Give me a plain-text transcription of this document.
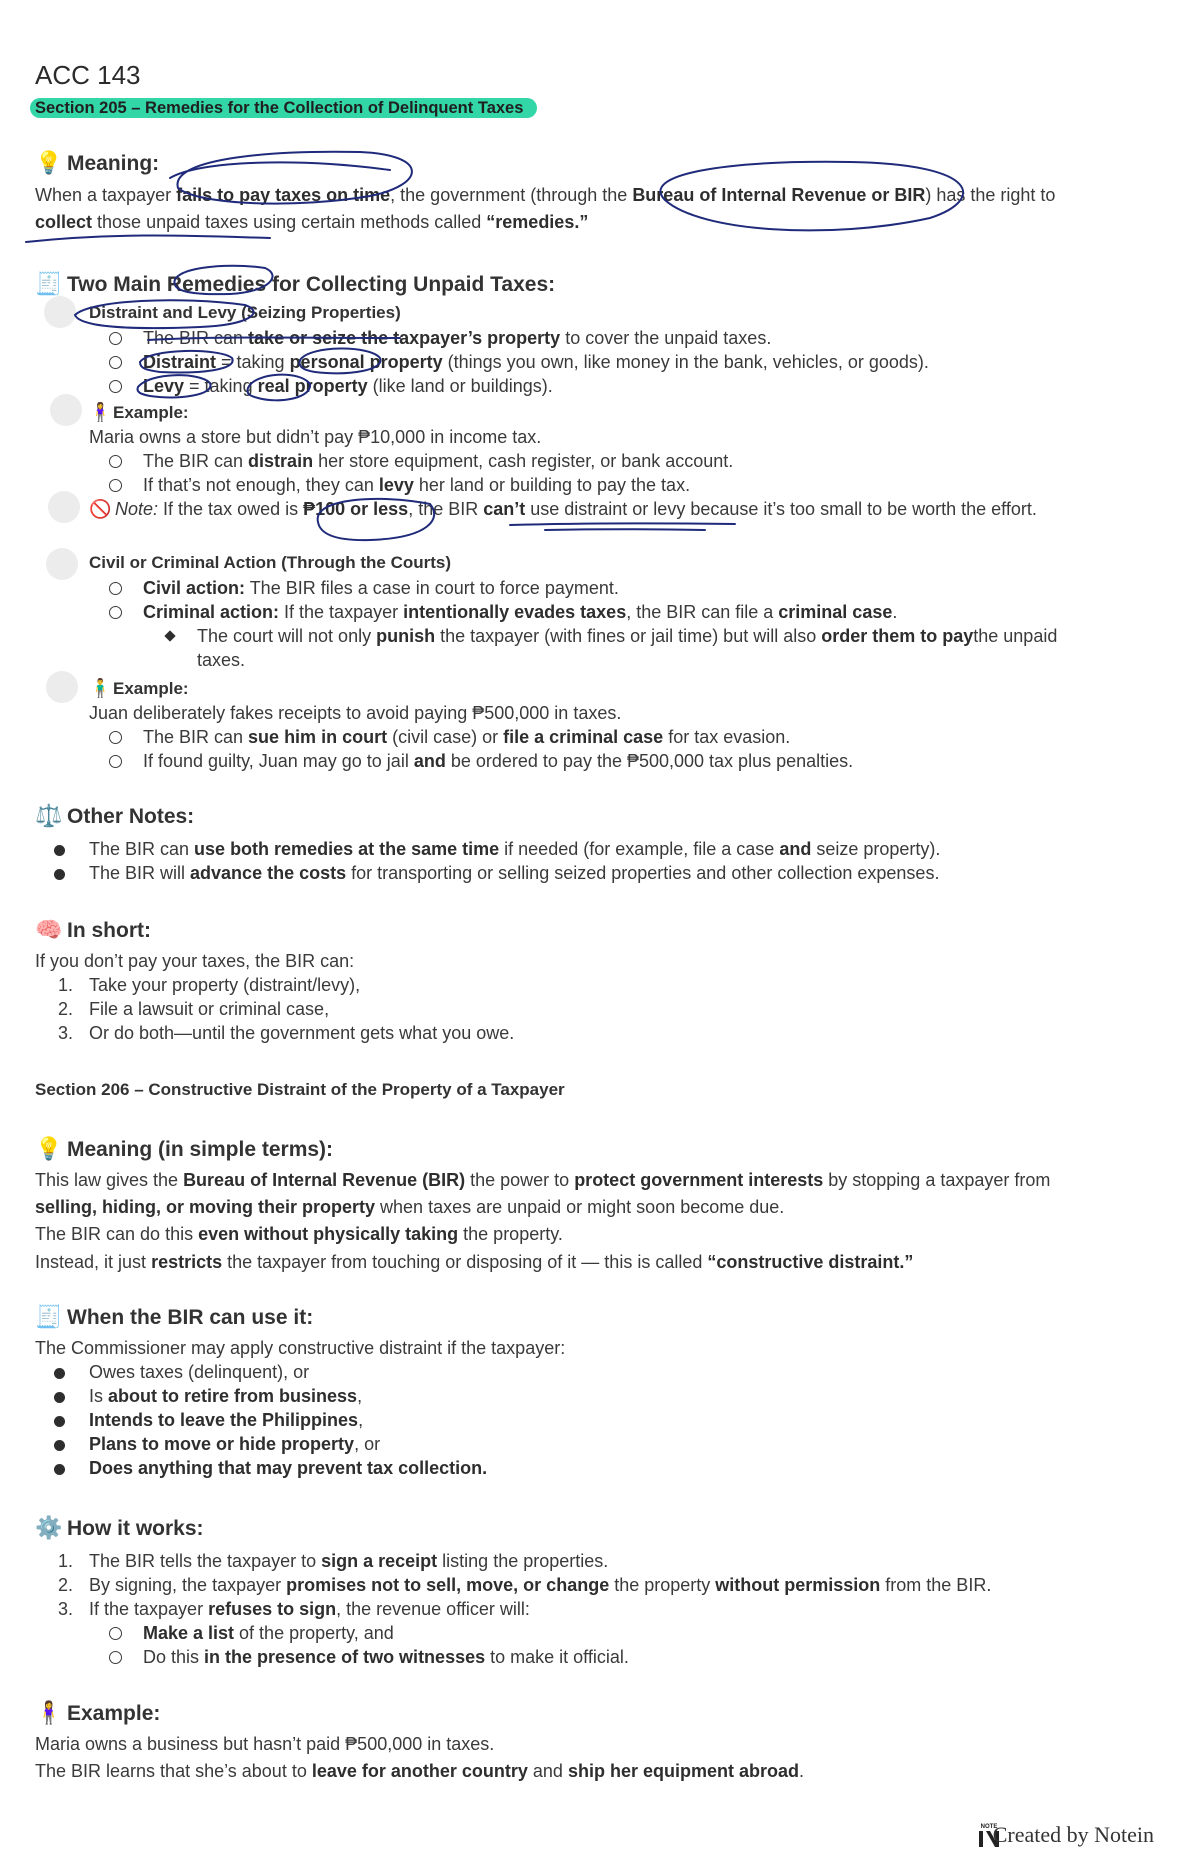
ACC 143
Section 205 – Remedies for the Collection of Delinquent Taxes
💡 Meaning:
When a taxpayer fails to pay taxes on time, the government (through the Bureau of Internal Revenue or BIR) has the right to
collect those unpaid taxes using certain methods called “remedies.”
🧾 Two Main Remedies for Collecting Unpaid Taxes:
Distraint and Levy (Seizing Properties)
The BIR can take or seize the taxpayer’s property to cover the unpaid taxes.
Distraint = taking personal property (things you own, like money in the bank, vehicles, or goods).
Levy = taking real property (like land or buildings).
🧍‍♀️Example:
Maria owns a store but didn’t pay ₱10,000 in income tax.
The BIR can distrain her store equipment, cash register, or bank account.
If that’s not enough, they can levy her land or building to pay the tax.
🚫 Note: If the tax owed is ₱100 or less, the BIR can’t use distraint or levy because it’s too small to be worth the effort.
Civil or Criminal Action (Through the Courts)
Civil action: The BIR files a case in court to force payment.
Criminal action: If the taxpayer intentionally evades taxes, the BIR can file a criminal case.
The court will not only punish the taxpayer (with fines or jail time) but will also order them to paythe unpaid
taxes.
🧍‍♂️Example:
Juan deliberately fakes receipts to avoid paying ₱500,000 in taxes.
The BIR can sue him in court (civil case) or file a criminal case for tax evasion.
If found guilty, Juan may go to jail and be ordered to pay the ₱500,000 tax plus penalties.
⚖️ Other Notes:
The BIR can use both remedies at the same time if needed (for example, file a case and seize property).
The BIR will advance the costs for transporting or selling seized properties and other collection expenses.
🧠 In short:
If you don’t pay your taxes, the BIR can:
1. Take your property (distraint/levy),
2. File a lawsuit or criminal case,
3. Or do both—until the government gets what you owe.
Section 206 – Constructive Distraint of the Property of a Taxpayer
💡 Meaning (in simple terms):
This law gives the Bureau of Internal Revenue (BIR) the power to protect government interests by stopping a taxpayer from
selling, hiding, or moving their property when taxes are unpaid or might soon become due.
The BIR can do this even without physically taking the property.
Instead, it just restricts the taxpayer from touching or disposing of it — this is called “constructive distraint.”
🧾 When the BIR can use it:
The Commissioner may apply constructive distraint if the taxpayer:
Owes taxes (delinquent), or
Is about to retire from business,
Intends to leave the Philippines,
Plans to move or hide property, or
Does anything that may prevent tax collection.
⚙️ How it works:
1. The BIR tells the taxpayer to sign a receipt listing the properties.
2. By signing, the taxpayer promises not to sell, move, or change the property without permission from the BIR.
3. If the taxpayer refuses to sign, the revenue officer will:
Make a list of the property, and
Do this in the presence of two witnesses to make it official.
🧍‍♀️ Example:
Maria owns a business but hasn’t paid ₱500,000 in taxes.
The BIR learns that she’s about to leave for another country and ship her equipment abroad.
NOTE
Created by Notein
